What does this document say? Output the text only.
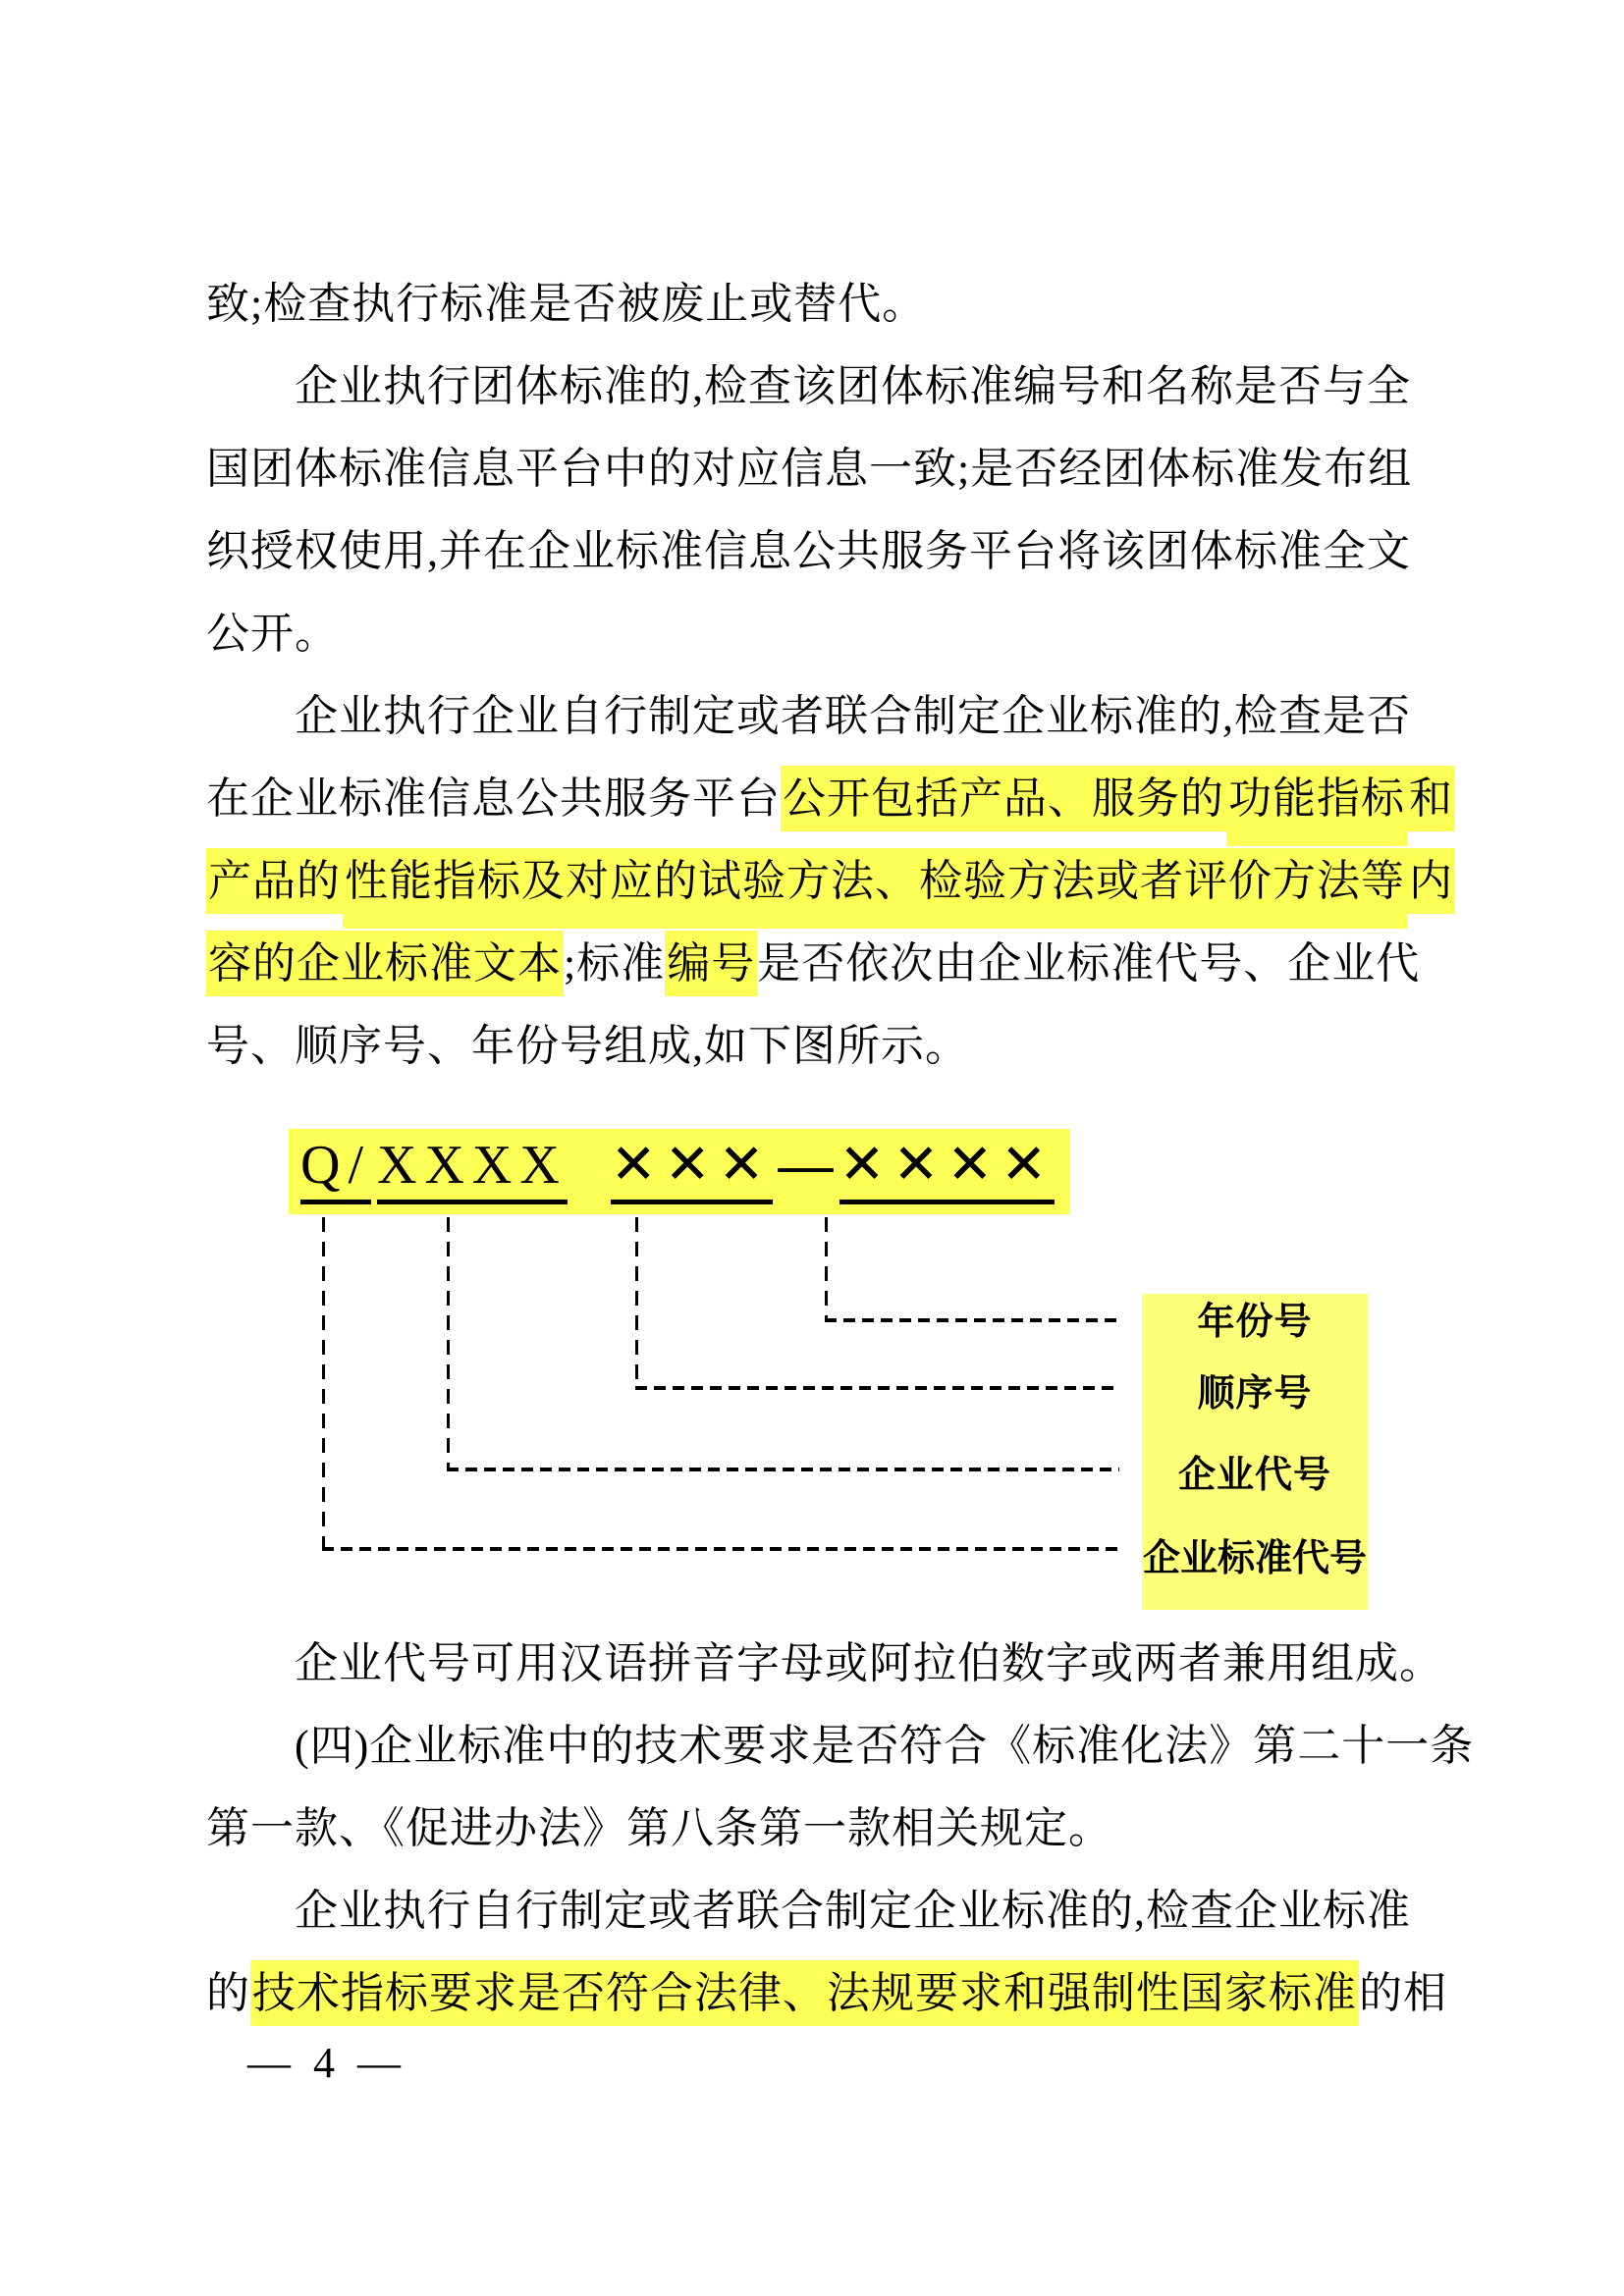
致;检查执行标准是否被废止或替代。
企业执行团体标准的,检查该团体标准编号和名称是否与全
国团体标准信息平台中的对应信息一致;是否经团体标准发布组
织授权使用,并在企业标准信息公共服务平台将该团体标准全文
公开。
企业执行企业自行制定或者联合制定企业标准的,检查是否
在企业标准信息公共服务平台公开包括产品、服务的功能指标和
产品的性能指标及对应的试验方法、检验方法或者评价方法等内
容的企业标准文本;标准编号是否依次由企业标准代号、企业代
号、顺序号、年份号组成,如下图所示。
Q/ XXXX ✕✕✕ — ✕✕✕✕
年份号
顺序号
企业代号
企业标准代号
企业代号可用汉语拼音字母或阿拉伯数字或两者兼用组成。
(四)企业标准中的技术要求是否符合《标准化法》第二十一条
第一款、《促进办法》第八条第一款相关规定。
企业执行自行制定或者联合制定企业标准的,检查企业标准
的技术指标要求是否符合法律、法规要求和强制性国家标准的相
— 4 —
